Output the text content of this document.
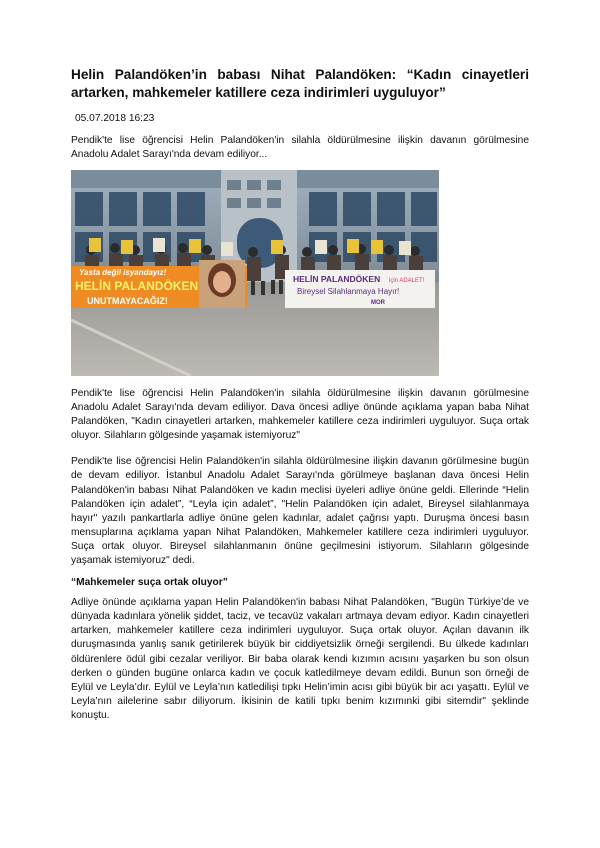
Helin Palandöken’in babası Nihat Palandöken: “Kadın cinayetleri artarken, mahkemeler katillere ceza indirimleri uyguluyor”
05.07.2018 16:23

Pendik'te lise öğrencisi Helin Palandöken'in silahla öldürülmesine ilişkin davanın görülmesine Anadolu Adalet Sarayı'nda devam ediliyor...

Yasta değil isyandayız!
HELİN PALANDÖKEN
UNUTMAYACAĞIZ!
HELİN PALANDÖKEN için ADALET!
Bireysel Silahlanmaya Hayır!
MOR

Pendik'te lise öğrencisi Helin Palandöken'in silahla öldürülmesine ilişkin davanın görülmesine Anadolu Adalet Sarayı'nda devam ediliyor. Dava öncesi adliye önünde açıklama yapan baba Nihat Palandöken, "Kadın cinayetleri artarken, mahkemeler katillere ceza indirimleri uyguluyor. Suça ortak oluyor. Silahların gölgesinde yaşamak istemiyoruz"

Pendik'te lise öğrencisi Helin Palandöken'in silahla öldürülmesine ilişkin davanın görülmesine bugün de devam ediliyor. İstanbul Anadolu Adalet Sarayı'nda görülmeye başlanan dava öncesi Helin Palandöken'in babası Nihat Palandöken ve kadın meclisi üyeleri adliye önüne geldi. Ellerinde “Helin Palandöken için adalet”, “Leyla için adalet”, "Helin Palandöken için adalet, Bireysel silahlanmaya hayır" yazılı pankartlarla adliye önüne gelen kadınlar, adalet çağrısı yaptı. Duruşma öncesi basın mensuplarına açıklama yapan Nihat Palandöken, Mahkemeler katillere ceza indirimleri uyguluyor. Suça ortak oluyor. Bireysel silahlanmanın önüne geçilmesini istiyorum. Silahların gölgesinde yaşamak istemiyoruz" dedi.

“Mahkemeler suça ortak oluyor”

Adliye önünde açıklama yapan Helin Palandöken'in babası Nihat Palandöken, "Bugün Türkiye’de ve dünyada kadınlara yönelik şiddet, taciz, ve tecavüz vakaları artmaya devam ediyor. Kadın cinayetleri artarken, mahkemeler katillere ceza indirimleri uyguluyor. Suça ortak oluyor. Açılan davanın ilk duruşmasında yanlış sanık getirilerek büyük bir ciddiyetsizlik örneği sergilendi. Bu ülkede kadınları öldürenlere ödül gibi cezalar veriliyor. Bir baba olarak kendi kızımın acısını yaşarken bu son olsun derken o günden bugüne onlarca kadın ve çocuk katledilmeye devam edildi. Bunun son örneği de Eylül ve Leyla’dır. Eylül ve Leyla’nın katledilişi tıpkı Helin’imin acısı gibi büyük bir acı yaşattı. Eylül ve Leyla’nın ailelerine sabır diliyorum. İkisinin de katili tıpkı benim kızımınki gibi sitemdir" şeklinde konuştu.
